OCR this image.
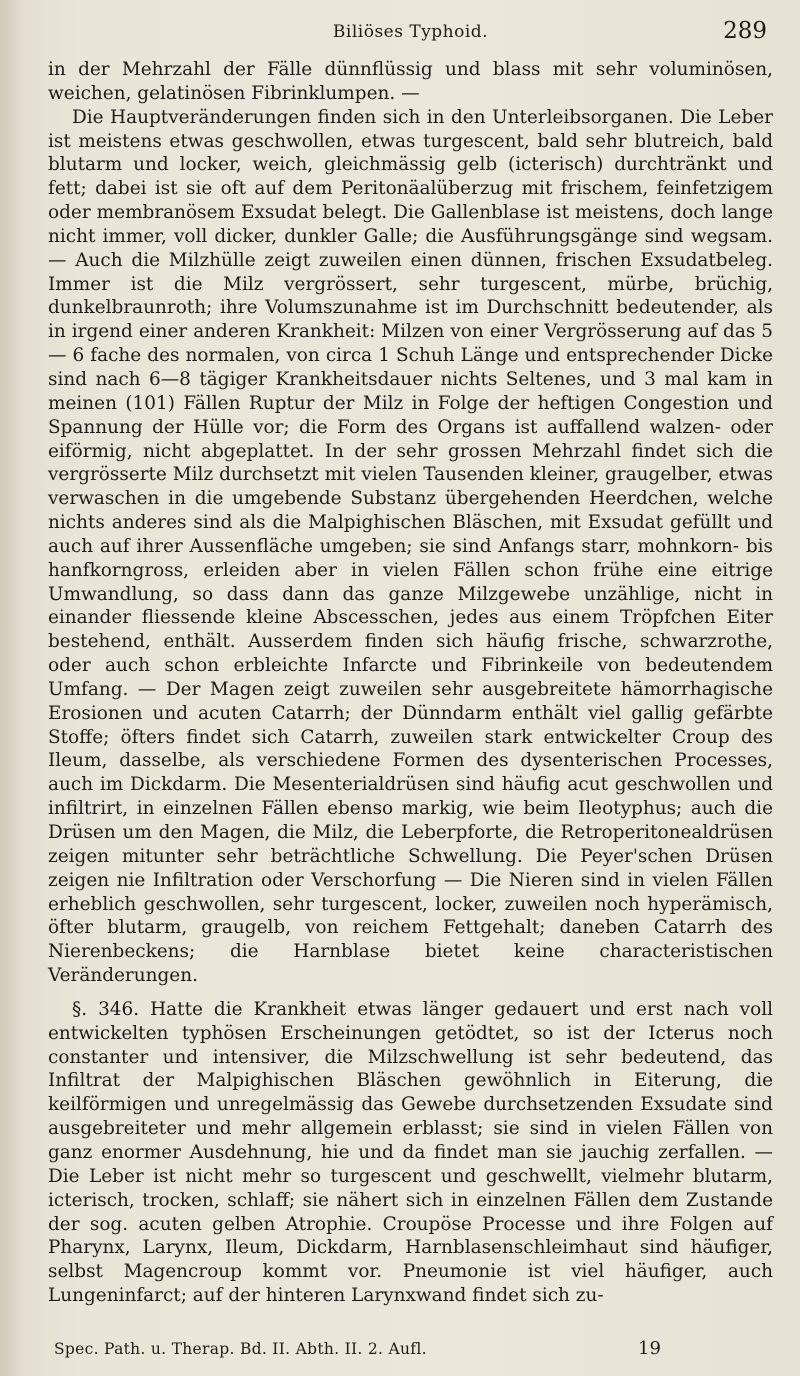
Biliöses Typhoid.	289

in der Mehrzahl der Fälle dünnflüssig und blass mit sehr voluminösen, weichen, gelatinösen Fibrinklumpen. —

Die Hauptveränderungen finden sich in den Unterleibsorganen. Die Leber ist meistens etwas geschwollen, etwas turgescent, bald sehr blutreich, bald blutarm und locker, weich, gleichmässig gelb (icterisch) durchtränkt und fett; dabei ist sie oft auf dem Peritonäalüberzug mit frischem, feinfetzigem oder membranösem Exsudat belegt. Die Gallenblase ist meistens, doch lange nicht immer, voll dicker, dunkler Galle; die Ausführungsgänge sind wegsam. — Auch die Milzhülle zeigt zuweilen einen dünnen, frischen Exsudatbeleg. Immer ist die Milz vergrössert, sehr turgescent, mürbe, brüchig, dunkelbraunroth; ihre Volumszunahme ist im Durchschnitt bedeutender, als in irgend einer anderen Krankheit: Milzen von einer Vergrösserung auf das 5 — 6 fache des normalen, von circa 1 Schuh Länge und entsprechender Dicke sind nach 6—8 tägiger Krankheitsdauer nichts Seltenes, und 3 mal kam in meinen (101) Fällen Ruptur der Milz in Folge der heftigen Congestion und Spannung der Hülle vor; die Form des Organs ist auffallend walzen- oder eiförmig, nicht abgeplattet. In der sehr grossen Mehrzahl findet sich die vergrösserte Milz durchsetzt mit vielen Tausenden kleiner, graugelber, etwas verwaschen in die umgebende Substanz übergehenden Heerdchen, welche nichts anderes sind als die Malpighischen Bläschen, mit Exsudat gefüllt und auch auf ihrer Aussenfläche umgeben; sie sind Anfangs starr, mohnkorn- bis hanfkorngross, erleiden aber in vielen Fällen schon frühe eine eitrige Umwandlung, so dass dann das ganze Milzgewebe unzählige, nicht in einander fliessende kleine Abscesschen, jedes aus einem Tröpfchen Eiter bestehend, enthält. Ausserdem finden sich häufig frische, schwarzrothe, oder auch schon erbleichte Infarcte und Fibrinkeile von bedeutendem Umfang. — Der Magen zeigt zuweilen sehr ausgebreitete hämorrhagische Erosionen und acuten Catarrh; der Dünndarm enthält viel gallig gefärbte Stoffe; öfters findet sich Catarrh, zuweilen stark entwickelter Croup des Ileum, dasselbe, als verschiedene Formen des dysenterischen Processes, auch im Dickdarm. Die Mesenterialdrüsen sind häufig acut geschwollen und infiltrirt, in einzelnen Fällen ebenso markig, wie beim Ileotyphus; auch die Drüsen um den Magen, die Milz, die Leberpforte, die Retroperitonealdrüsen zeigen mitunter sehr beträchtliche Schwellung. Die Peyer'schen Drüsen zeigen nie Infiltration oder Verschorfung — Die Nieren sind in vielen Fällen erheblich geschwollen, sehr turgescent, locker, zuweilen noch hyperämisch, öfter blutarm, graugelb, von reichem Fettgehalt; daneben Catarrh des Nierenbeckens; die Harnblase bietet keine characteristischen Veränderungen.

§. 346. Hatte die Krankheit etwas länger gedauert und erst nach voll entwickelten typhösen Erscheinungen getödtet, so ist der Icterus noch constanter und intensiver, die Milzschwellung ist sehr bedeutend, das Infiltrat der Malpighischen Bläschen gewöhnlich in Eiterung, die keilförmigen und unregelmässig das Gewebe durchsetzenden Exsudate sind ausgebreiteter und mehr allgemein erblasst; sie sind in vielen Fällen von ganz enormer Ausdehnung, hie und da findet man sie jauchig zerfallen. — Die Leber ist nicht mehr so turgescent und geschwellt, vielmehr blutarm, icterisch, trocken, schlaff; sie nähert sich in einzelnen Fällen dem Zustande der sog. acuten gelben Atrophie. Croupöse Processe und ihre Folgen auf Pharynx, Larynx, Ileum, Dickdarm, Harnblasenschleimhaut sind häufiger, selbst Magencroup kommt vor. Pneumonie ist viel häufiger, auch Lungeninfarct; auf der hinteren Larynxwand findet sich zu-

Spec. Path. u. Therap. Bd. II. Abth. II. 2. Aufl.	19
